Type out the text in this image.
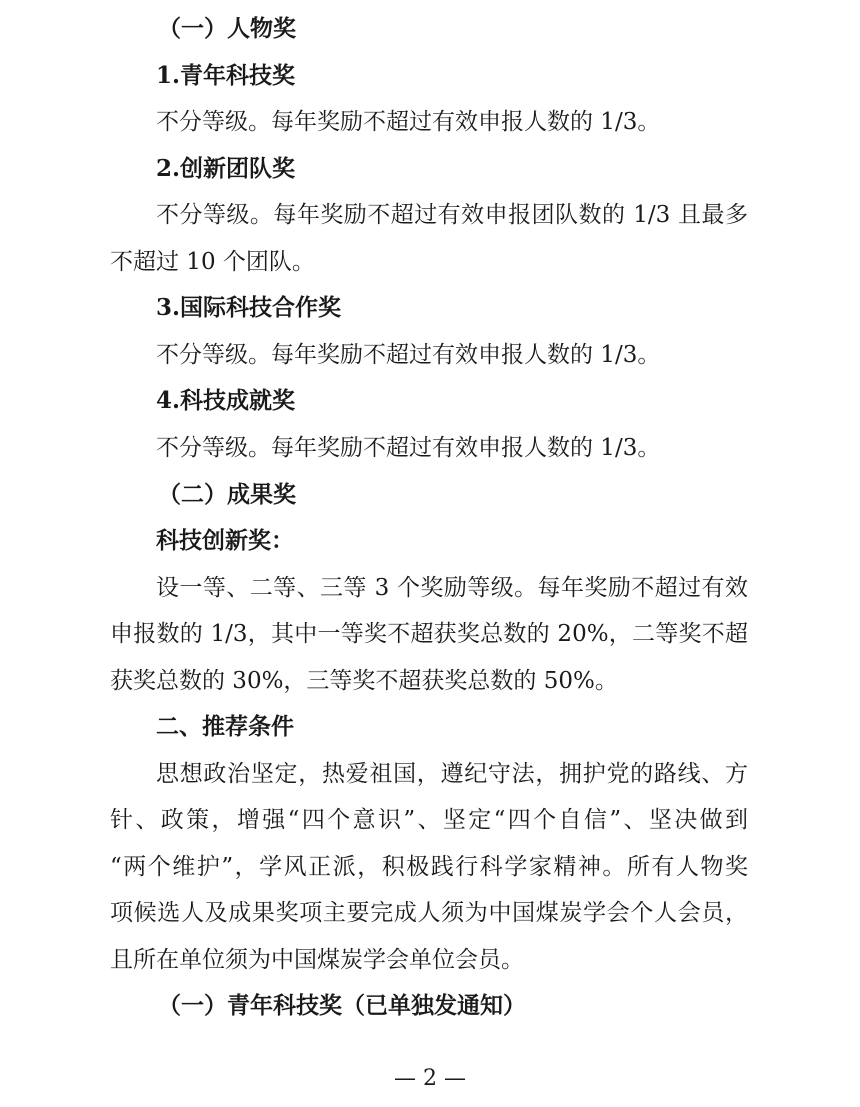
（一）人物奖
1.青年科技奖
不分等级。每年奖励不超过有效申报人数的 1/3。
2.创新团队奖
不分等级。每年奖励不超过有效申报团队数的 1/3 且最多
不超过 10 个团队。
3.国际科技合作奖
不分等级。每年奖励不超过有效申报人数的 1/3。
4.科技成就奖
不分等级。每年奖励不超过有效申报人数的 1/3。
（二）成果奖
科技创新奖：
设一等、二等、三等 3 个奖励等级。每年奖励不超过有效
申报数的 1/3，其中一等奖不超获奖总数的 20%，二等奖不超
获奖总数的 30%，三等奖不超获奖总数的 50%。
二、推荐条件
思想政治坚定，热爱祖国，遵纪守法，拥护党的路线、方
针、政策，增强“四个意识”、坚定“四个自信”、坚决做到
“两个维护”，学风正派，积极践行科学家精神。所有人物奖
项候选人及成果奖项主要完成人须为中国煤炭学会个人会员，
且所在单位须为中国煤炭学会单位会员。
（一）青年科技奖（已单独发通知）
— 2 —
